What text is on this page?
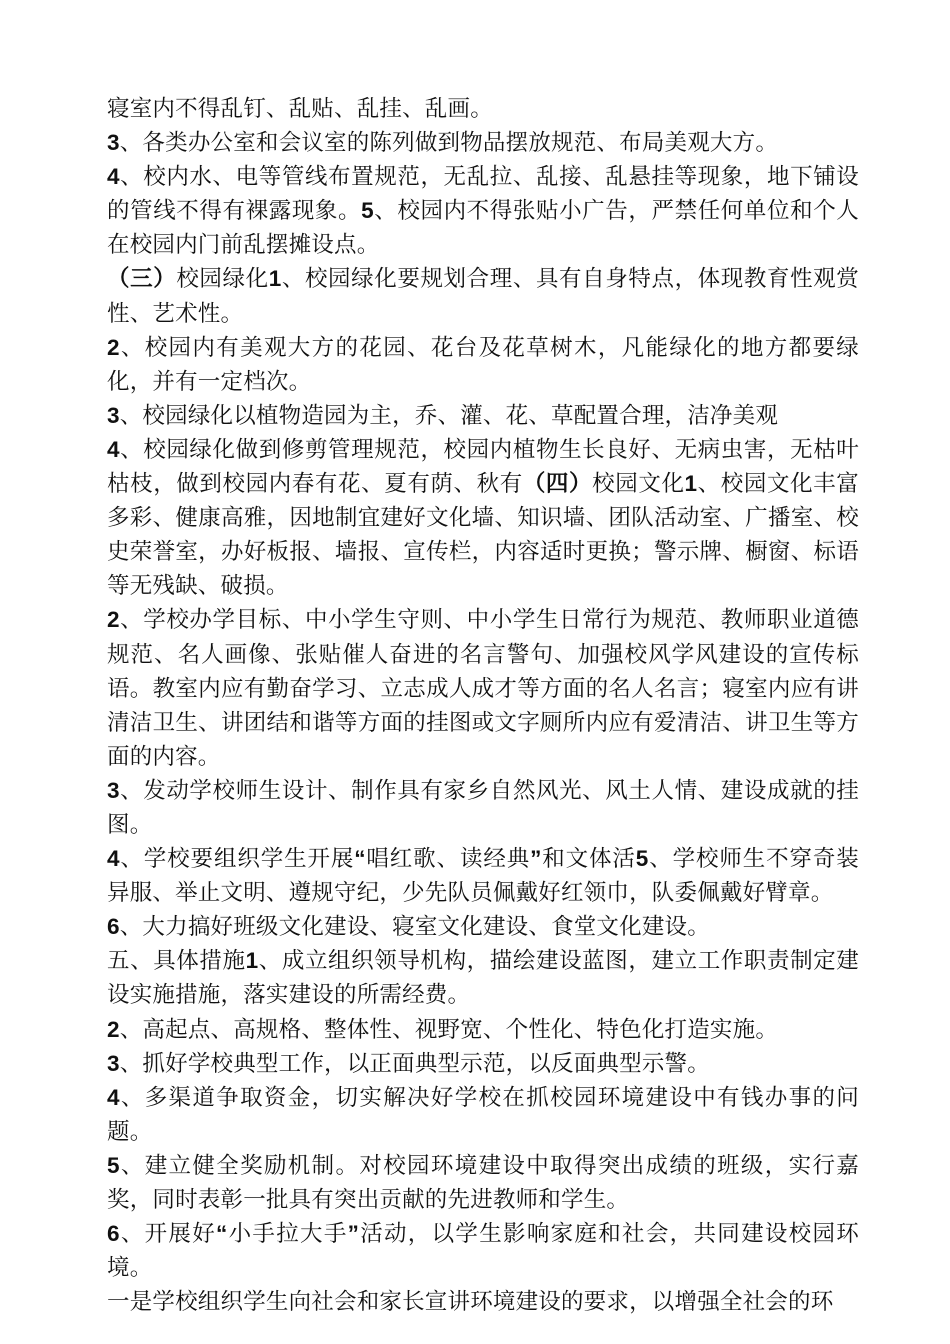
寝室内不得乱钉、乱贴、乱挂、乱画。

3、各类办公室和会议室的陈列做到物品摆放规范、布局美观大方。

4、校内水、电等管线布置规范，无乱拉、乱接、乱悬挂等现象，地下铺设的管线不得有裸露现象。5、校园内不得张贴小广告，严禁任何单位和个人在校园内门前乱摆摊设点。

（三）校园绿化1、校园绿化要规划合理、具有自身特点，体现教育性观赏性、艺术性。

2、校园内有美观大方的花园、花台及花草树木，凡能绿化的地方都要绿化，并有一定档次。

3、校园绿化以植物造园为主，乔、灌、花、草配置合理，洁净美观

4、校园绿化做到修剪管理规范，校园内植物生长良好、无病虫害，无枯叶枯枝，做到校园内春有花、夏有荫、秋有（四）校园文化1、校园文化丰富多彩、健康高雅，因地制宜建好文化墙、知识墙、团队活动室、广播室、校史荣誉室，办好板报、墙报、宣传栏，内容适时更换；警示牌、橱窗、标语等无残缺、破损。

2、学校办学目标、中小学生守则、中小学生日常行为规范、教师职业道德规范、名人画像、张贴催人奋进的名言警句、加强校风学风建设的宣传标语。教室内应有勤奋学习、立志成人成才等方面的名人名言；寝室内应有讲清洁卫生、讲团结和谐等方面的挂图或文字厕所内应有爱清洁、讲卫生等方面的内容。

3、发动学校师生设计、制作具有家乡自然风光、风土人情、建设成就的挂图。

4、学校要组织学生开展“唱红歌、读经典”和文体活5、学校师生不穿奇装异服、举止文明、遵规守纪，少先队员佩戴好红领巾，队委佩戴好臂章。

6、大力搞好班级文化建设、寝室文化建设、食堂文化建设。

五、具体措施1、成立组织领导机构，描绘建设蓝图，建立工作职责制定建设实施措施，落实建设的所需经费。

2、高起点、高规格、整体性、视野宽、个性化、特色化打造实施。

3、抓好学校典型工作，以正面典型示范，以反面典型示警。

4、多渠道争取资金，切实解决好学校在抓校园环境建设中有钱办事的问题。

5、建立健全奖励机制。对校园环境建设中取得突出成绩的班级，实行嘉奖，同时表彰一批具有突出贡献的先进教师和学生。

6、开展好“小手拉大手”活动，以学生影响家庭和社会，共同建设校园环境。

一是学校组织学生向社会和家长宣讲环境建设的要求，以增强全社会的环
